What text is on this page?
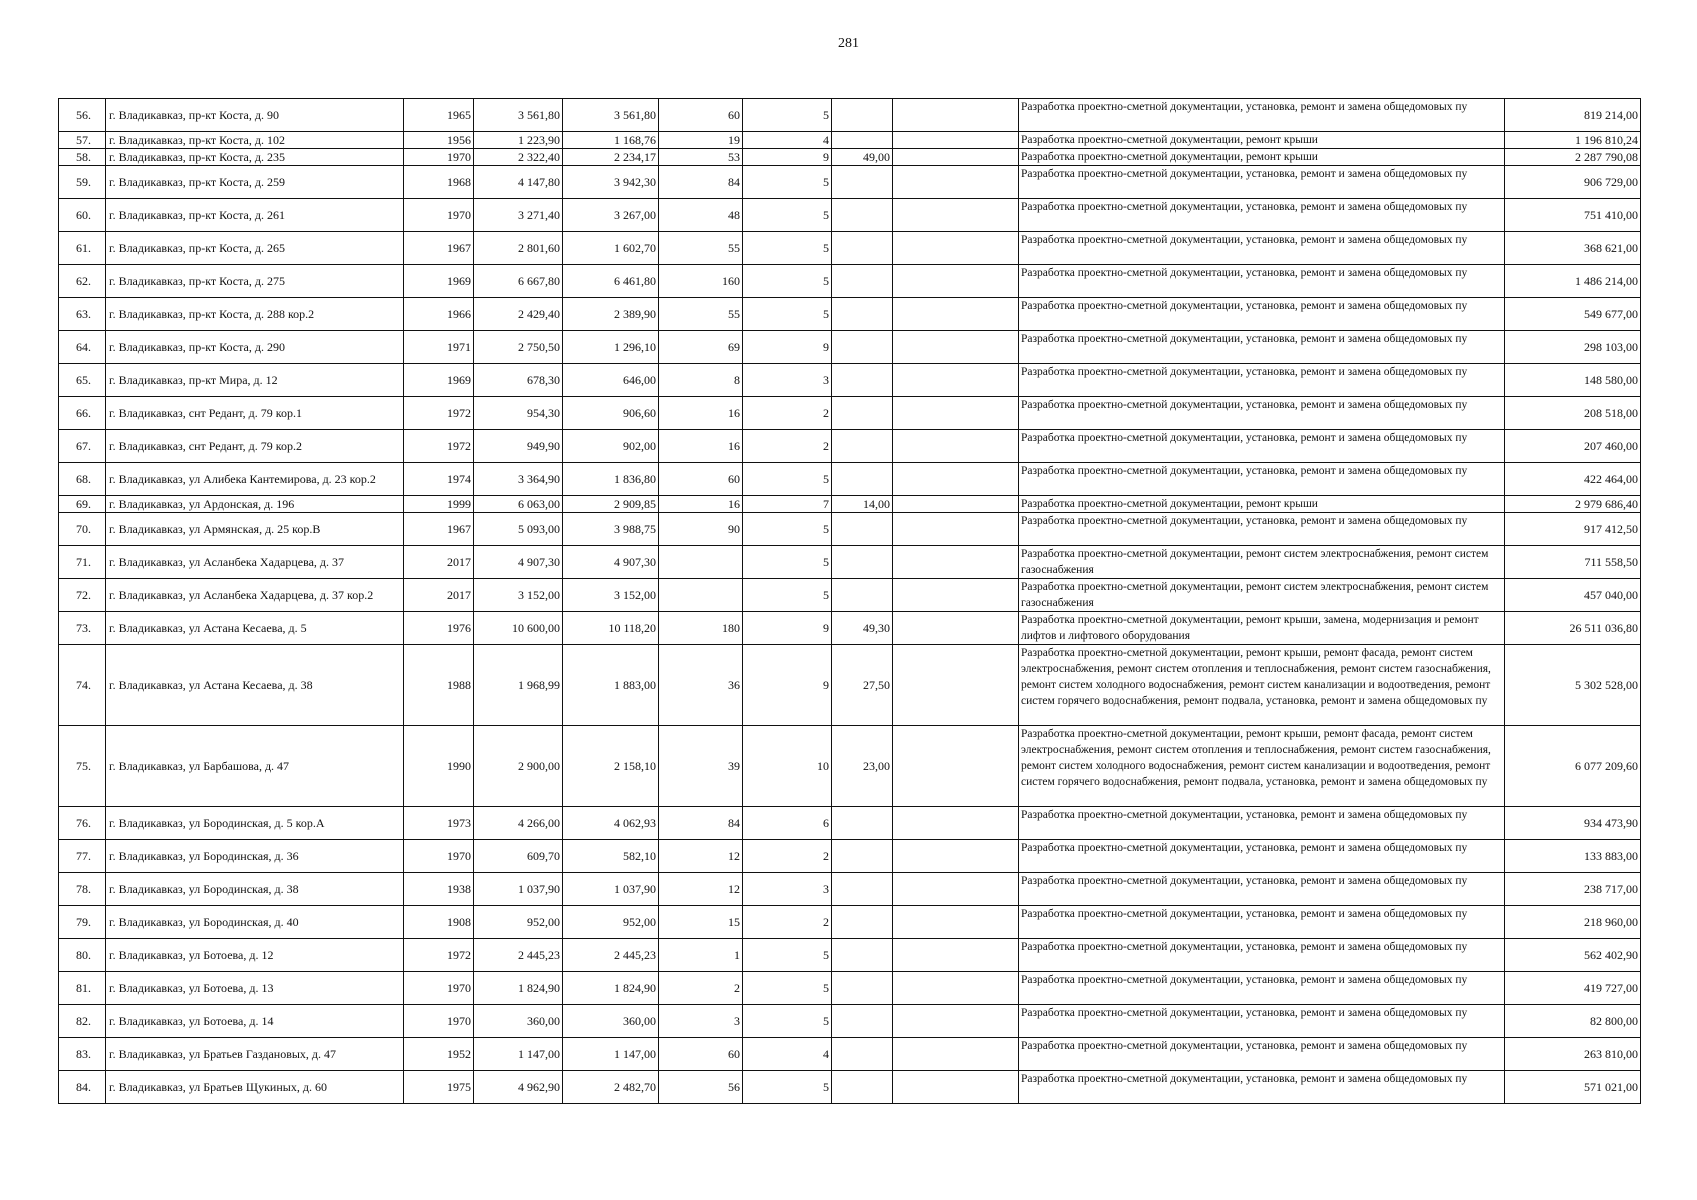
281
56.	г. Владикавказ, пр-кт Коста, д. 90	1965	3 561,80	3 561,80	60	5			Разработка проектно-сметной документации, установка, ремонт и замена общедомовых пу	819 214,00
57.	г. Владикавказ, пр-кт Коста, д. 102	1956	1 223,90	1 168,76	19	4			Разработка проектно-сметной документации, ремонт крыши	1 196 810,24
58.	г. Владикавказ, пр-кт Коста, д. 235	1970	2 322,40	2 234,17	53	9	49,00		Разработка проектно-сметной документации, ремонт крыши	2 287 790,08
59.	г. Владикавказ, пр-кт Коста, д. 259	1968	4 147,80	3 942,30	84	5			Разработка проектно-сметной документации, установка, ремонт и замена общедомовых пу	906 729,00
60.	г. Владикавказ, пр-кт Коста, д. 261	1970	3 271,40	3 267,00	48	5			Разработка проектно-сметной документации, установка, ремонт и замена общедомовых пу	751 410,00
61.	г. Владикавказ, пр-кт Коста, д. 265	1967	2 801,60	1 602,70	55	5			Разработка проектно-сметной документации, установка, ремонт и замена общедомовых пу	368 621,00
62.	г. Владикавказ, пр-кт Коста, д. 275	1969	6 667,80	6 461,80	160	5			Разработка проектно-сметной документации, установка, ремонт и замена общедомовых пу	1 486 214,00
63.	г. Владикавказ, пр-кт Коста, д. 288 кор.2	1966	2 429,40	2 389,90	55	5			Разработка проектно-сметной документации, установка, ремонт и замена общедомовых пу	549 677,00
64.	г. Владикавказ, пр-кт Коста, д. 290	1971	2 750,50	1 296,10	69	9			Разработка проектно-сметной документации, установка, ремонт и замена общедомовых пу	298 103,00
65.	г. Владикавказ, пр-кт Мира, д. 12	1969	678,30	646,00	8	3			Разработка проектно-сметной документации, установка, ремонт и замена общедомовых пу	148 580,00
66.	г. Владикавказ, снт Редант, д. 79 кор.1	1972	954,30	906,60	16	2			Разработка проектно-сметной документации, установка, ремонт и замена общедомовых пу	208 518,00
67.	г. Владикавказ, снт Редант, д. 79 кор.2	1972	949,90	902,00	16	2			Разработка проектно-сметной документации, установка, ремонт и замена общедомовых пу	207 460,00
68.	г. Владикавказ, ул Алибека Кантемирова, д. 23 кор.2	1974	3 364,90	1 836,80	60	5			Разработка проектно-сметной документации, установка, ремонт и замена общедомовых пу	422 464,00
69.	г. Владикавказ, ул Ардонская, д. 196	1999	6 063,00	2 909,85	16	7	14,00		Разработка проектно-сметной документации, ремонт крыши	2 979 686,40
70.	г. Владикавказ, ул Армянская, д. 25 кор.В	1967	5 093,00	3 988,75	90	5			Разработка проектно-сметной документации, установка, ремонт и замена общедомовых пу	917 412,50
71.	г. Владикавказ, ул Асланбека Хадарцева, д. 37	2017	4 907,30	4 907,30		5			Разработка проектно-сметной документации, ремонт систем электроснабжения, ремонт систем газоснабжения	711 558,50
72.	г. Владикавказ, ул Асланбека Хадарцева, д. 37 кор.2	2017	3 152,00	3 152,00		5			Разработка проектно-сметной документации, ремонт систем электроснабжения, ремонт систем газоснабжения	457 040,00
73.	г. Владикавказ, ул Астана Кесаева, д. 5	1976	10 600,00	10 118,20	180	9	49,30		Разработка проектно-сметной документации, ремонт крыши, замена, модернизация и ремонт лифтов и лифтового оборудования	26 511 036,80
74.	г. Владикавказ, ул Астана Кесаева, д. 38	1988	1 968,99	1 883,00	36	9	27,50		Разработка проектно-сметной документации, ремонт крыши, ремонт фасада, ремонт систем электроснабжения, ремонт систем отопления и теплоснабжения, ремонт систем газоснабжения, ремонт систем холодного водоснабжения, ремонт систем канализации и водоотведения, ремонт систем горячего водоснабжения, ремонт подвала, установка, ремонт и замена общедомовых пу	5 302 528,00
75.	г. Владикавказ, ул Барбашова, д. 47	1990	2 900,00	2 158,10	39	10	23,00		Разработка проектно-сметной документации, ремонт крыши, ремонт фасада, ремонт систем электроснабжения, ремонт систем отопления и теплоснабжения, ремонт систем газоснабжения, ремонт систем холодного водоснабжения, ремонт систем канализации и водоотведения, ремонт систем горячего водоснабжения, ремонт подвала, установка, ремонт и замена общедомовых пу	6 077 209,60
76.	г. Владикавказ, ул Бородинская, д. 5 кор.А	1973	4 266,00	4 062,93	84	6			Разработка проектно-сметной документации, установка, ремонт и замена общедомовых пу	934 473,90
77.	г. Владикавказ, ул Бородинская, д. 36	1970	609,70	582,10	12	2			Разработка проектно-сметной документации, установка, ремонт и замена общедомовых пу	133 883,00
78.	г. Владикавказ, ул Бородинская, д. 38	1938	1 037,90	1 037,90	12	3			Разработка проектно-сметной документации, установка, ремонт и замена общедомовых пу	238 717,00
79.	г. Владикавказ, ул Бородинская, д. 40	1908	952,00	952,00	15	2			Разработка проектно-сметной документации, установка, ремонт и замена общедомовых пу	218 960,00
80.	г. Владикавказ, ул Ботоева, д. 12	1972	2 445,23	2 445,23	1	5			Разработка проектно-сметной документации, установка, ремонт и замена общедомовых пу	562 402,90
81.	г. Владикавказ, ул Ботоева, д. 13	1970	1 824,90	1 824,90	2	5			Разработка проектно-сметной документации, установка, ремонт и замена общедомовых пу	419 727,00
82.	г. Владикавказ, ул Ботоева, д. 14	1970	360,00	360,00	3	5			Разработка проектно-сметной документации, установка, ремонт и замена общедомовых пу	82 800,00
83.	г. Владикавказ, ул Братьев Газдановых, д. 47	1952	1 147,00	1 147,00	60	4			Разработка проектно-сметной документации, установка, ремонт и замена общедомовых пу	263 810,00
84.	г. Владикавказ, ул Братьев Щукиных, д. 60	1975	4 962,90	2 482,70	56	5			Разработка проектно-сметной документации, установка, ремонт и замена общедомовых пу	571 021,00
